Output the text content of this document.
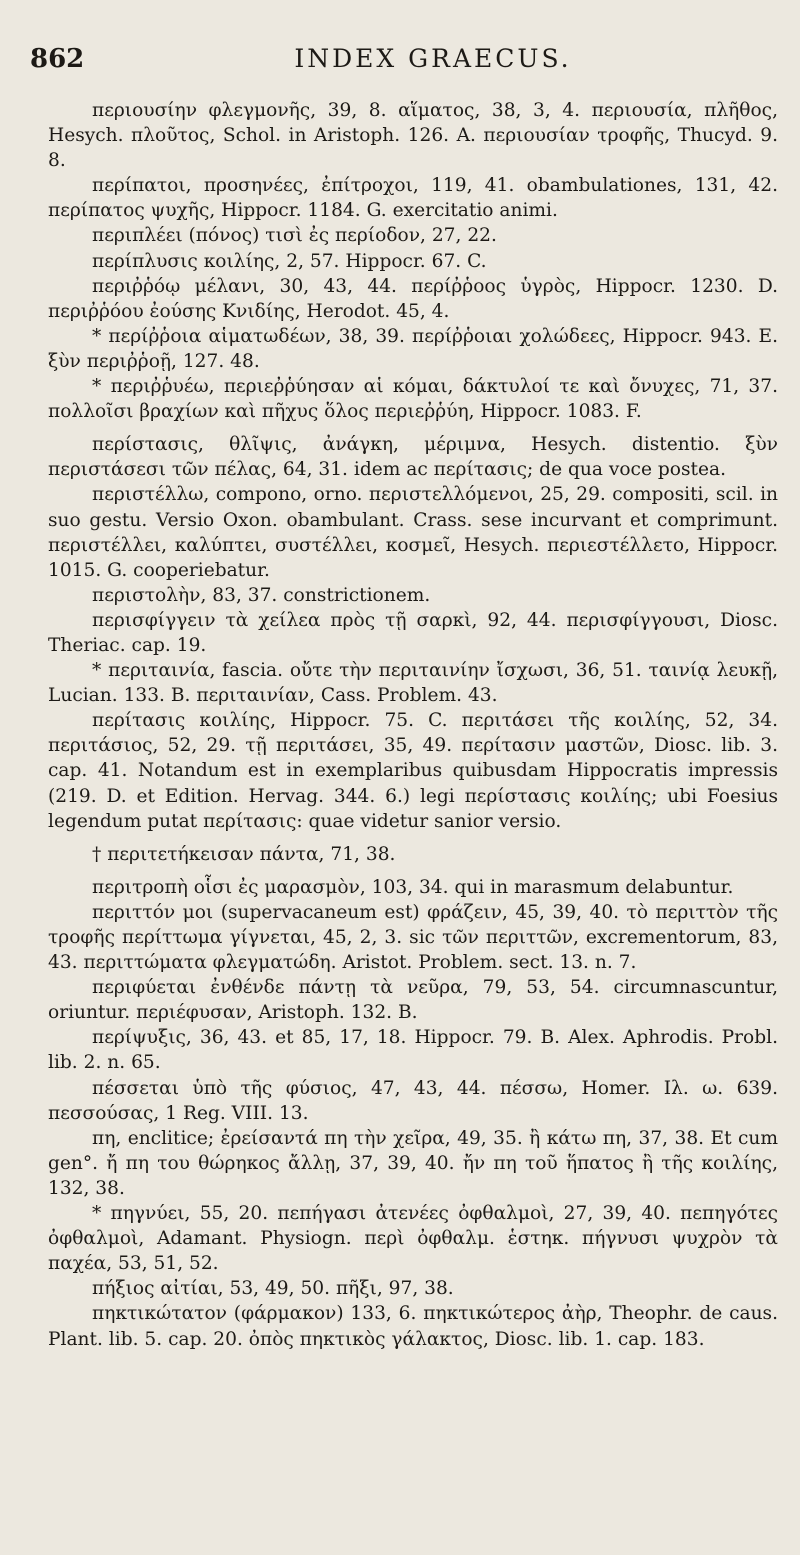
862	INDEX GRAECUS.

περιουσίην φλεγμονῆς, 39, 8. αἵματος, 38, 3, 4. περιουσία, πλῆθος, Hesych. πλοῦτος, Schol. in Aristoph. 126. A. περιουσίαν τροφῆς, Thucyd. 9. 8.

περίπατοι, προσηνέες, ἐπίτροχοι, 119, 41. obambulationes, 131, 42. περίπατος ψυχῆς, Hippocr. 1184. G. exercitatio animi.

περιπλέει (πόνος) τισὶ ἐς περίοδον, 27, 22.

περίπλυσις κοιλίης, 2, 57. Hippocr. 67. C.

περιῤῥόῳ μέλανι, 30, 43, 44. περίῤῥοος ὑγρὸς, Hippocr. 1230. D. περιῤῥόου ἐούσης Κνιδίης, Herodot. 45, 4.

* περίῤῥοια αἱματωδέων, 38, 39. περίῤῥοιαι χολώδεες, Hippocr. 943. E. ξὺν περιῤῥοῇ, 127. 48.

* περιῤῥυέω, περιεῤῥύησαν αἱ κόμαι, δάκτυλοί τε καὶ ὄνυχες, 71, 37. πολλοῖσι βραχίων καὶ πῆχυς ὅλος περιεῤῥύη, Hippocr. 1083. F.

περίστασις, θλῖψις, ἀνάγκη, μέριμνα, Hesych. distentio. ξὺν περιστάσεσι τῶν πέλας, 64, 31. idem ac περίτασις; de qua voce postea.

περιστέλλω, compono, orno. περιστελλόμενοι, 25, 29. compositi, scil. in suo gestu. Versio Oxon. obambulant. Crass. sese incurvant et comprimunt. περιστέλλει, καλύπτει, συστέλλει, κοσμεῖ, Hesych. περιεστέλλετο, Hippocr. 1015. G. cooperiebatur.

περιστολὴν, 83, 37. constrictionem.

περισφίγγειν τὰ χείλεα πρὸς τῇ σαρκὶ, 92, 44. περισφίγγουσι, Diosc. Theriac. cap. 19.

* περιταινία, fascia. οὔτε τὴν περιταινίην ἴσχωσι, 36, 51. ταινίᾳ λευκῇ, Lucian. 133. B. περιταινίαν, Cass. Problem. 43.

περίτασις κοιλίης, Hippocr. 75. C. περιτάσει τῆς κοιλίης, 52, 34. περιτάσιος, 52, 29. τῇ περιτάσει, 35, 49. περίτασιν μαστῶν, Diosc. lib. 3. cap. 41. Notandum est in exemplaribus quibusdam Hippocratis impressis (219. D. et Edition. Hervag. 344. 6.) legi περίστασις κοιλίης; ubi Foesius legendum putat περίτασις: quae videtur sanior versio.

† περιτετήκεισαν πάντα, 71, 38.

περιτροπὴ οἷσι ἐς μαρασμὸν, 103, 34. qui in marasmum delabuntur.

περιττόν μοι (supervacaneum est) φράζειν, 45, 39, 40. τὸ περιττὸν τῆς τροφῆς περίττωμα γίγνεται, 45, 2, 3. sic τῶν περιττῶν, excrementorum, 83, 43. περιττώματα φλεγματώδη. Aristot. Problem. sect. 13. n. 7.

περιφύεται ἐνθένδε πάντῃ τὰ νεῦρα, 79, 53, 54. circumnascuntur, oriuntur. περιέφυσαν, Aristoph. 132. B.

περίψυξις, 36, 43. et 85, 17, 18. Hippocr. 79. B. Alex. Aphrodis. Probl. lib. 2. n. 65.

πέσσεται ὑπὸ τῆς φύσιος, 47, 43, 44. πέσσω, Homer. Ιλ. ω. 639. πεσσούσας, 1 Reg. VIII. 13.

πη, enclitice; ἐρείσαντά πη τὴν χεῖρα, 49, 35. ἢ κάτω πη, 37, 38. Et cum gen°. ἤ πη του θώρηκος ἄλλῃ, 37, 39, 40. ἤν πη τοῦ ἥπατος ἢ τῆς κοιλίης, 132, 38.

* πηγνύει, 55, 20. πεπήγασι ἀτενέες ὀφθαλμοὶ, 27, 39, 40. πεπηγότες ὀφθαλμοὶ, Adamant. Physiogn. περὶ ὀφθαλμ. ἑστηκ. πήγνυσι ψυχρὸν τὰ παχέα, 53, 51, 52.

πήξιος αἰτίαι, 53, 49, 50. πῆξι, 97, 38.

πηκτικώτατον (φάρμακον) 133, 6. πηκτικώτερος ἀὴρ, Theophr. de caus. Plant. lib. 5. cap. 20. ὀπὸς πηκτικὸς γάλακτος, Diosc. lib. 1. cap. 183.
